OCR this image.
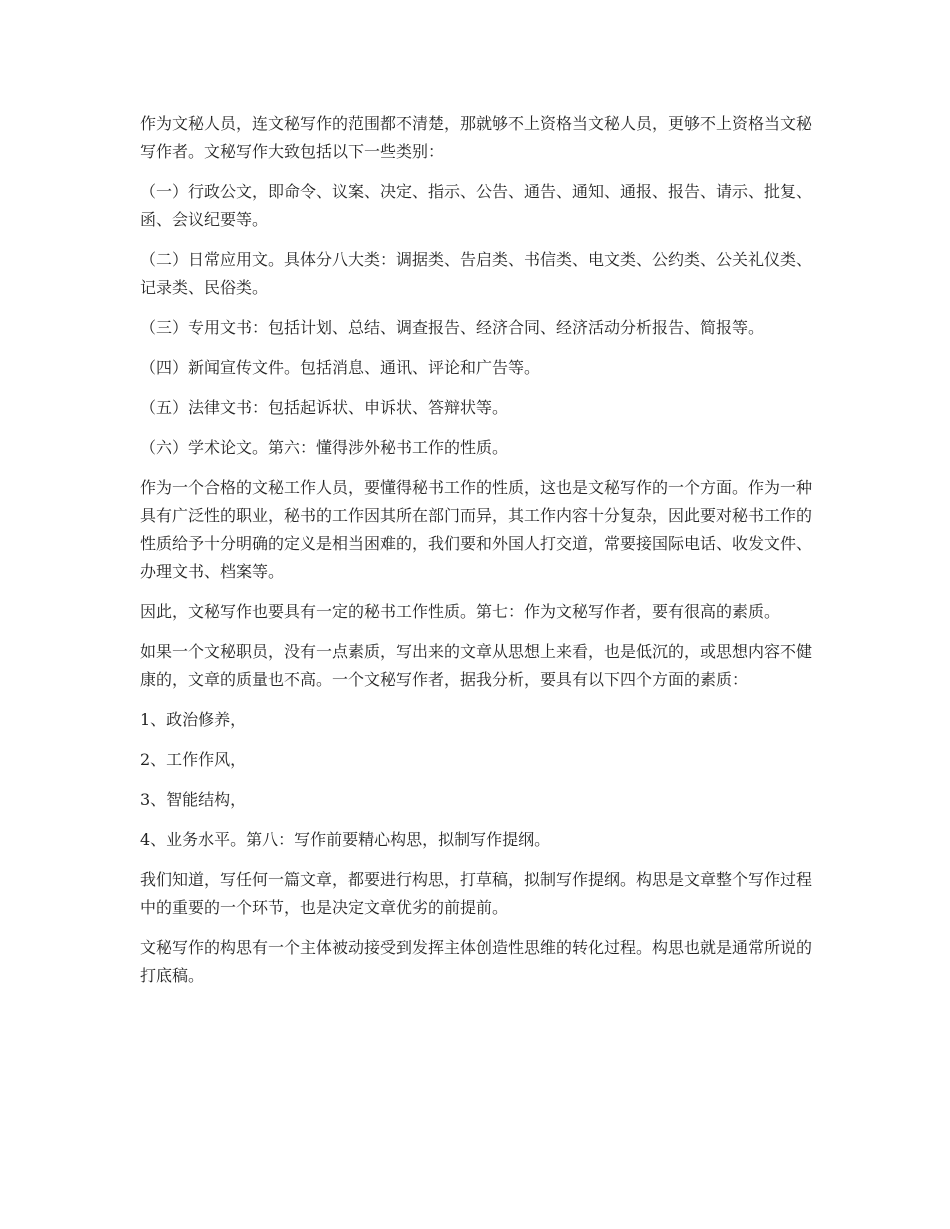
作为文秘人员，连文秘写作的范围都不清楚，那就够不上资格当文秘人员，更够不上资格当文秘写作者。文秘写作大致包括以下一些类别：

（一）行政公文，即命令、议案、决定、指示、公告、通告、通知、通报、报告、请示、批复、函、会议纪要等。

（二）日常应用文。具体分八大类：调据类、告启类、书信类、电文类、公约类、公关礼仪类、记录类、民俗类。

（三）专用文书：包括计划、总结、调查报告、经济合同、经济活动分析报告、简报等。

（四）新闻宣传文件。包括消息、通讯、评论和广告等。

（五）法律文书：包括起诉状、申诉状、答辩状等。

（六）学术论文。第六：懂得涉外秘书工作的性质。

作为一个合格的文秘工作人员，要懂得秘书工作的性质，这也是文秘写作的一个方面。作为一种具有广泛性的职业，秘书的工作因其所在部门而异，其工作内容十分复杂，因此要对秘书工作的性质给予十分明确的定义是相当困难的，我们要和外国人打交道，常要接国际电话、收发文件、办理文书、档案等。

因此，文秘写作也要具有一定的秘书工作性质。第七：作为文秘写作者，要有很高的素质。

如果一个文秘职员，没有一点素质，写出来的文章从思想上来看，也是低沉的，或思想内容不健康的，文章的质量也不高。一个文秘写作者，据我分析，要具有以下四个方面的素质：

1、政治修养，

2、工作作风，

3、智能结构，

4、业务水平。第八：写作前要精心构思，拟制写作提纲。

我们知道，写任何一篇文章，都要进行构思，打草稿，拟制写作提纲。构思是文章整个写作过程中的重要的一个环节，也是决定文章优劣的前提前。

文秘写作的构思有一个主体被动接受到发挥主体创造性思维的转化过程。构思也就是通常所说的打底稿。
